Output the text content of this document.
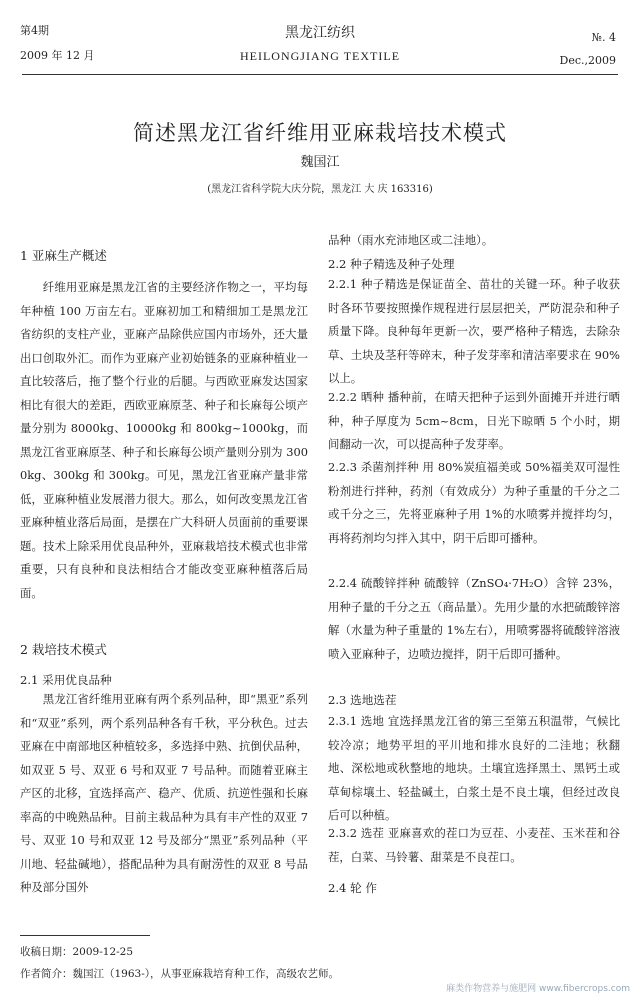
第4期
2009 年 12 月
黑龙江纺织
HEILONGJIANG TEXTILE
№. 4
Dec.,2009
简述黑龙江省纤维用亚麻栽培技术模式
魏国江
(黑龙江省科学院大庆分院，黑龙江 大 庆 163316)
1 亚麻生产概述
纤维用亚麻是黑龙江省的主要经济作物之一，平均每年种植 100 万亩左右。亚麻初加工和精细加工是黑龙江省纺织的支柱产业，亚麻产品除供应国内市场外，还大量出口创取外汇。而作为亚麻产业初始链条的亚麻种植业一直比较落后，拖了整个行业的后腿。与西欧亚麻发达国家相比有很大的差距，西欧亚麻原茎、种子和长麻每公顷产量分别为 8000kg、10000kg 和 800kg~1000kg，而黑龙江省亚麻原茎、种子和长麻每公顷产量则分别为 3000kg、300kg 和 300kg。可见，黑龙江省亚麻产量非常低，亚麻种植业发展潜力很大。那么，如何改变黑龙江省亚麻种植业落后局面，是摆在广大科研人员面前的重要课题。技术上除采用优良品种外，亚麻栽培技术模式也非常重要，只有良种和良法相结合才能改变亚麻种植落后局面。
2 栽培技术模式
2.1 采用优良品种
黑龙江省纤维用亚麻有两个系列品种，即“黑亚”系列和“双亚”系列，两个系列品种各有千秋，平分秋色。过去亚麻在中南部地区种植较多，多选择中熟、抗倒伏品种，如双亚 5 号、双亚 6 号和双亚 7 号品种。而随着亚麻主产区的北移，宜选择高产、稳产、优质、抗逆性强和长麻率高的中晚熟品种。目前主栽品种为具有丰产性的双亚 7 号、双亚 10 号和双亚 12 号及部分“黑亚”系列品种（平川地、轻盐碱地），搭配品种为具有耐涝性的双亚 8 号品种及部分国外
品种（雨水充沛地区或二洼地）。
2.2 种子精选及种子处理
2.2.1 种子精选是保证苗全、苗壮的关键一环。种子收获时各环节要按照操作规程进行层层把关，严防混杂和种子质量下降。良种每年更新一次，要严格种子精选，去除杂草、土块及茎秆等碎末，种子发芽率和清洁率要求在 90%以上。
2.2.2 晒种 播种前，在晴天把种子运到外面摊开并进行晒种，种子厚度为 5cm~8cm，日光下晾晒 5 个小时，期间翻动一次，可以提高种子发芽率。
2.2.3 杀菌剂拌种 用 80%炭疽福美或 50%福美双可湿性粉剂进行拌种，药剂（有效成分）为种子重量的千分之二或千分之三，先将亚麻种子用 1%的水喷雾并搅拌均匀，再将药剂均匀拌入其中，阴干后即可播种。
2.2.4 硫酸锌拌种 硫酸锌（ZnSO₄·7H₂O）含锌 23%，用种子量的千分之五（商品量）。先用少量的水把硫酸锌溶解（水量为种子重量的 1%左右），用喷雾器将硫酸锌溶液喷入亚麻种子，边喷边搅拌，阴干后即可播种。
2.3 选地选茬
2.3.1 选地 宜选择黑龙江省的第三至第五积温带，气候比较冷凉；地势平坦的平川地和排水良好的二洼地；秋翻地、深松地或秋整地的地块。土壤宜选择黑土、黑钙土或草甸棕壤土、轻盐碱土，白浆土是不良土壤，但经过改良后可以种植。
2.3.2 选茬 亚麻喜欢的茬口为豆茬、小麦茬、玉米茬和谷茬，白菜、马铃薯、甜菜是不良茬口。
2.4 轮 作
收稿日期：2009-12-25
作者简介：魏国江（1963-），从事亚麻栽培育种工作，高级农艺师。
麻类作物营养与施肥网 www.fibercrops.com
